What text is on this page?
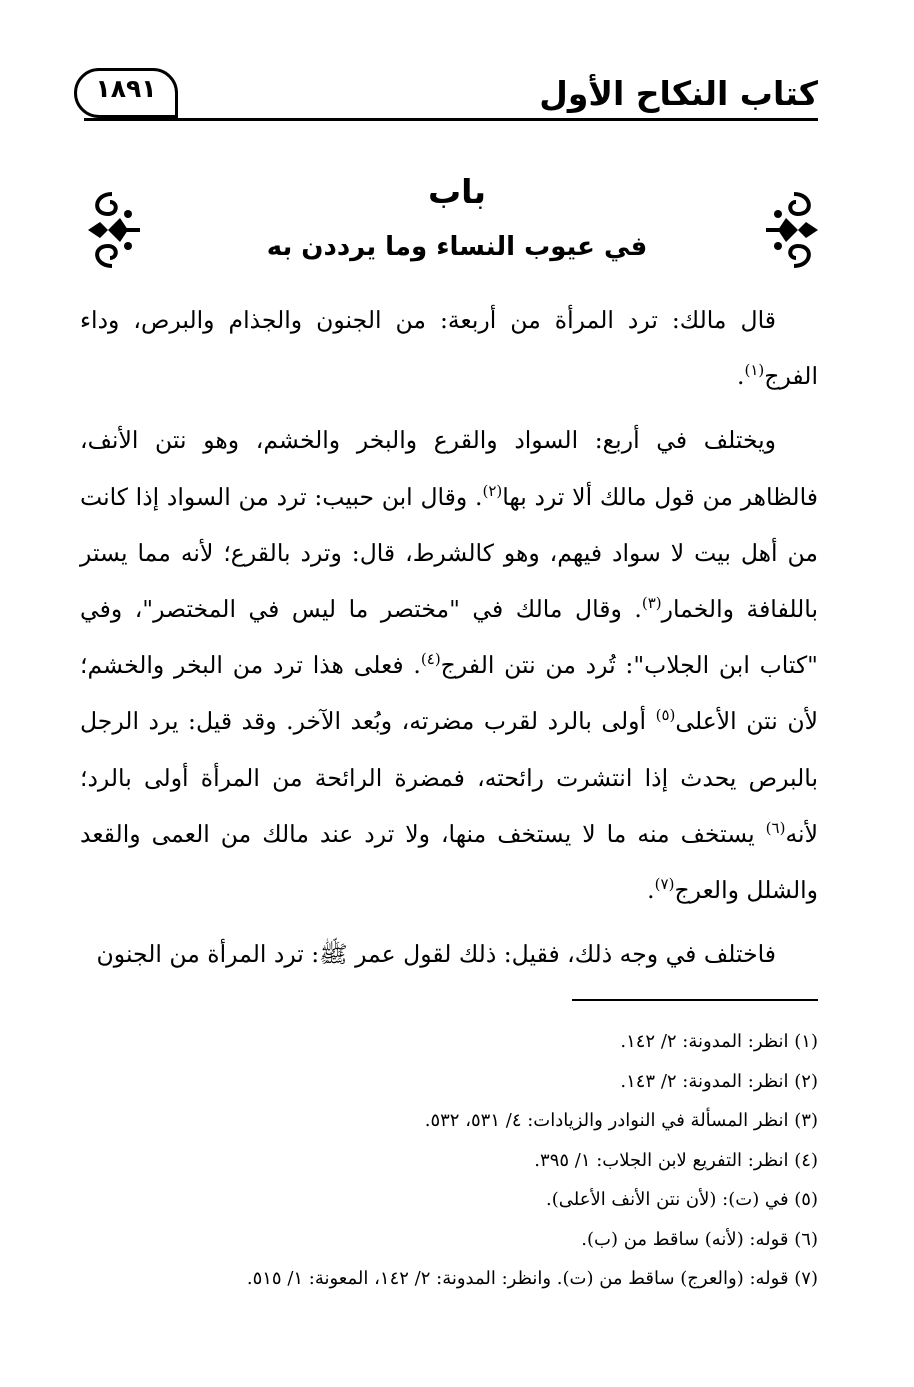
١٨٩١	كتاب النكاح الأول
باب
في عيوب النساء وما يرددن به

قال مالك: ترد المرأة من أربعة: من الجنون والجذام والبرص، وداء الفرج$^{(١)}$.

ويختلف في أربع: السواد والقرع والبخر والخشم، وهو نتن الأنف، فالظاهر من قول مالك ألا ترد بها$^{(٢)}$. وقال ابن حبيب: ترد من السواد إذا كانت من أهل بيت لا سواد فيهم، وهو كالشرط، قال: وترد بالقرع؛ لأنه مما يستر باللفافة والخمار$^{(٣)}$. وقال مالك في "مختصر ما ليس في المختصر"، وفي "كتاب ابن الجلاب": تُرد من نتن الفرج$^{(٤)}$. فعلى هذا ترد من البخر والخشم؛ لأن نتن الأعلى$^{(٥)}$ أولى بالرد لقرب مضرته، وبُعد الآخر. وقد قيل: يرد الرجل بالبرص يحدث إذا انتشرت رائحته، فمضرة الرائحة من المرأة أولى بالرد؛ لأنه$^{(٦)}$ يستخف منه ما لا يستخف منها، ولا ترد عند مالك من العمى والقعد والشلل والعرج$^{(٧)}$.

فاختلف في وجه ذلك، فقيل: ذلك لقول عمر ﷺ: ترد المرأة من الجنون

(١) انظر: المدونة: ٢/ ١٤٢.
(٢) انظر: المدونة: ٢/ ١٤٣.
(٣) انظر المسألة في النوادر والزيادات: ٤/ ٥٣١، ٥٣٢.
(٤) انظر: التفريع لابن الجلاب: ١/ ٣٩٥.
(٥) في (ت): (لأن نتن الأنف الأعلى).
(٦) قوله: (لأنه) ساقط من (ب).
(٧) قوله: (والعرج) ساقط من (ت). وانظر: المدونة: ٢/ ١٤٢، المعونة: ١/ ٥١٥.
